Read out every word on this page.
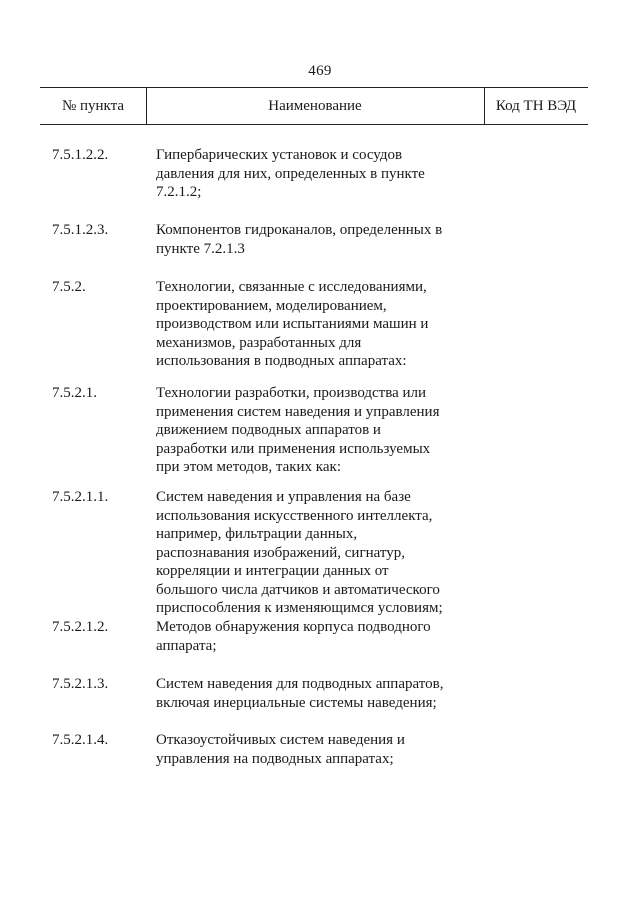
469
№ пункта	Наименование	Код ТН ВЭД
7.5.1.2.2.	Гипербарических установок и сосудов
давления для них, определенных в пункте
7.2.1.2;
7.5.1.2.3.	Компонентов гидроканалов, определенных в
пункте 7.2.1.3
7.5.2.	Технологии, связанные с исследованиями,
проектированием, моделированием,
производством или испытаниями машин и
механизмов, разработанных для
использования в подводных аппаратах:
7.5.2.1.	Технологии разработки, производства или
применения систем наведения и управления
движением подводных аппаратов и
разработки или применения используемых
при этом методов, таких как:
7.5.2.1.1.	Систем наведения и управления на базе
использования искусственного интеллекта,
например, фильтрации данных,
распознавания изображений, сигнатур,
корреляции и интеграции данных от
большого числа датчиков и автоматического
приспособления к изменяющимся условиям;
7.5.2.1.2.	Методов обнаружения корпуса подводного
аппарата;
7.5.2.1.3.	Систем наведения для подводных аппаратов,
включая инерциальные системы наведения;
7.5.2.1.4.	Отказоустойчивых систем наведения и
управления на подводных аппаратах;
